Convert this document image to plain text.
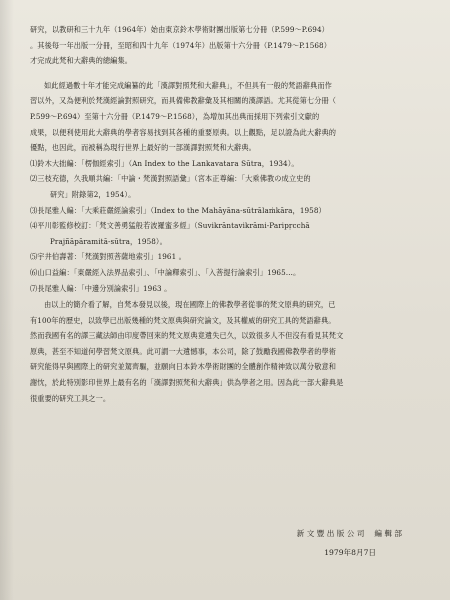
研究，以教研和三十九年（1964年）始由東京鈴木學術財團出版第七分冊（P.599～P.694）

。其後每一年出版一分冊，至昭和四十九年（1974年）出版第十六分冊（P.1479～P.1568）

才完成此梵和大辭典的總編集。

如此經過數十年才能完成編纂的此「漢譯對照梵和大辭典」，不但具有一般的梵語辭典而作

習以外，又為便利於梵漢經論對照研究，而具備佛教辭彙及其相關的漢譯語。尤其從第七分冊（

P.599～P.694）至第十六分冊（P.1479～P.1568），為增加其出典而採用下列索引文獻的

成果，以便利使用此大辭典的學者容易找到其各種的重要原典。以上觀點，足以證為此大辭典的

優點，也因此，而被稱為現行世界上最好的一部漢譯對照梵和大辭典。

⑴鈴木大拙編：「楞伽經索引」（An Index to the Lankavatara Sūtra，1934）。

⑵三枝充德，久我順共編：「中論・梵漢對照語彙」（宮本正尊編：「大乘佛教の成立史的

研究」附錄第2，1954）。

⑶長尾雅人編：「大乘莊嚴經論索引」（Index to the Mahāyāna-sūtrālaṁkāra，1958）

⑷平川彰監修校訂：「梵文善勇猛般若波羅蜜多經」（Suvikrāntavikrāmi-Paripṛcchā

Prajñāpāramitā-sūtra，1958）。

⑸宇井伯壽著：「梵漢對照菩薩地索引」1961 。

⑹山口益編：「東嚴經入法界品索引」、「中論釋索引」、「入菩提行論索引」1965…。

⑺長尾雅人編：「中邊分別論索引」1963 。

由以上的簡介看了解，自梵本發見以後，現在國際上的佛教學者從事的梵文原典的研究，已

有100年的歷史，以致學已出版幾種的梵文原典與研究論文，及其權威的研究工具的梵語辭典。

然而我國有名的譯三藏法師由印度帶回來的梵文原典竟遺失已久，以致很多人不但沒有看見其梵文

原典，甚至不知道何學習梵文原典。此可謂一大遺憾事，本公司，除了鼓勵我國佛教學者的學術

研究能得早與國際上的研究並駕齊驅，並願向日本鈴木學術財團的全體創作精神致以萬分敬意和

謝忱，於此特別影印世界上最有名的「漢譯對照梵和大辭典」供為學者之用。因為此一部大辭典是

很重要的研究工具之一。

新 文 豐 出 版 公 司　 編 輯 部

1979年8月7日
